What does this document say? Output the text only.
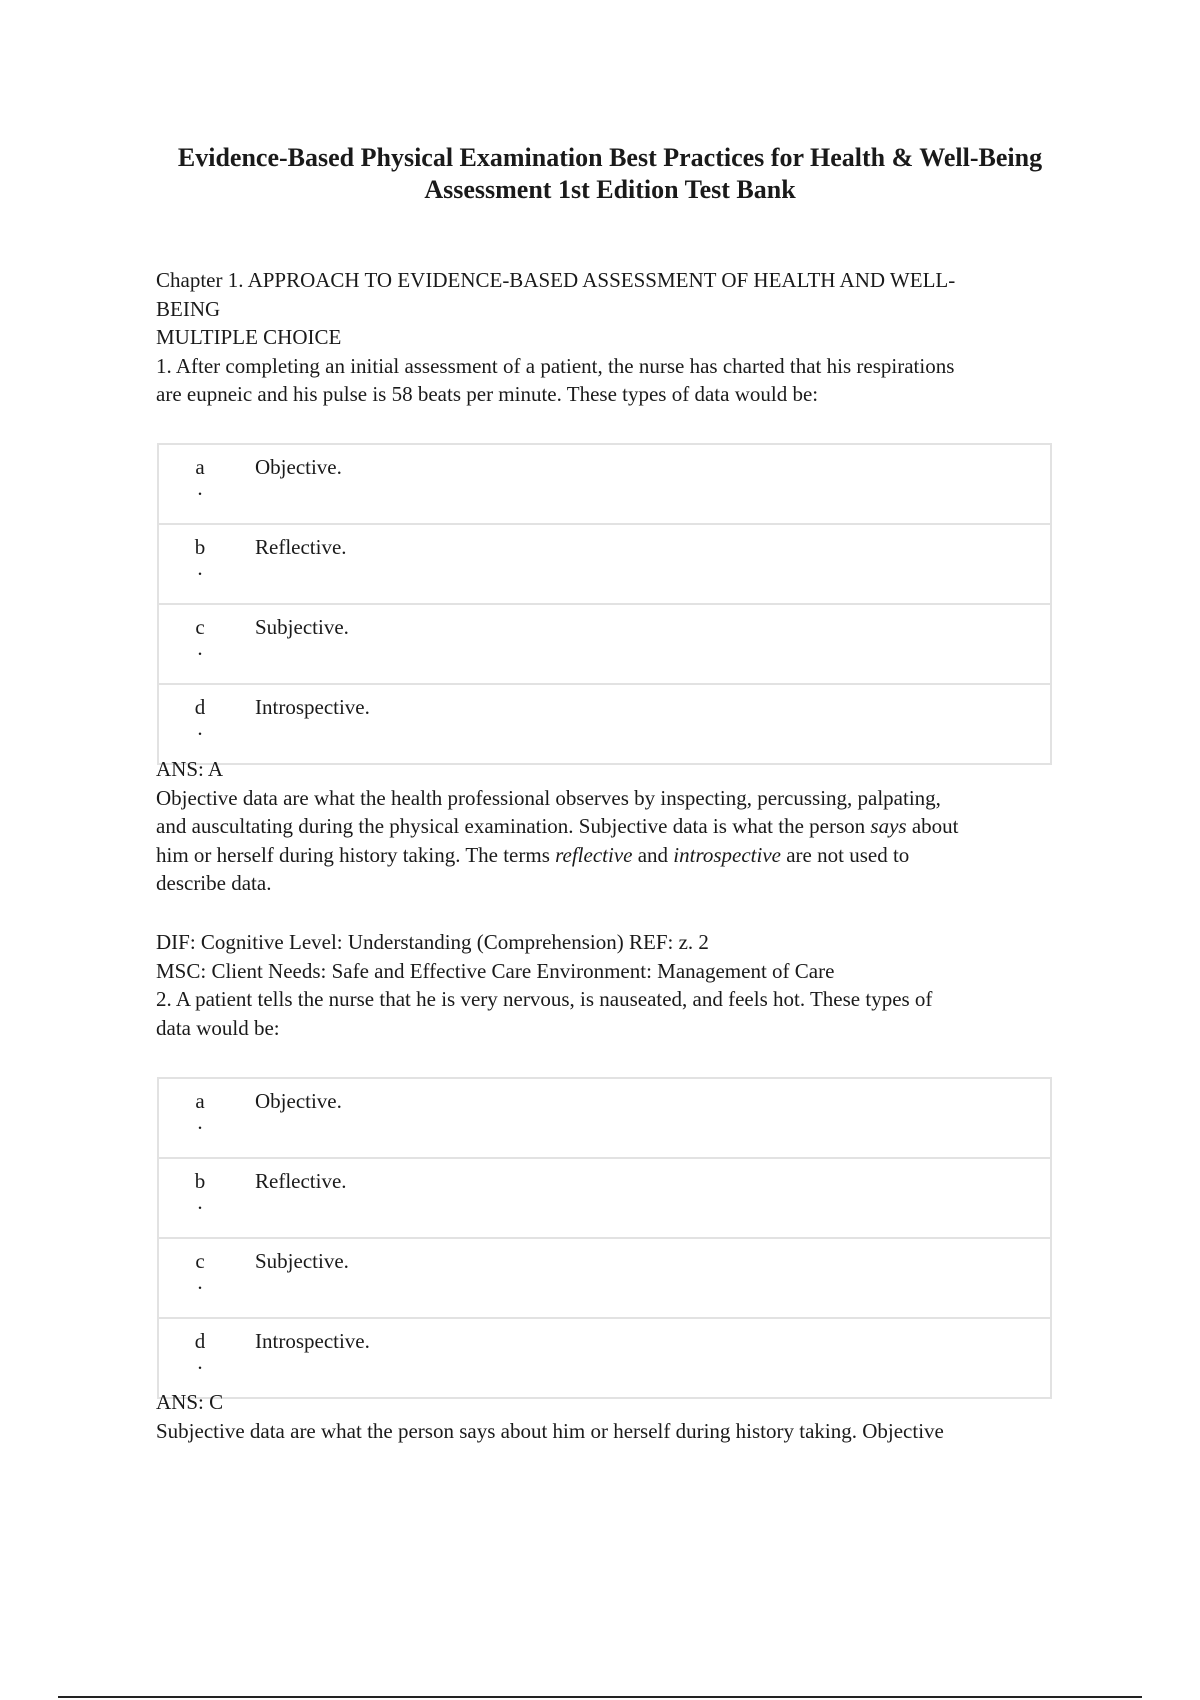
Evidence-Based Physical Examination Best Practices for Health & Well-Being
Assessment 1st Edition Test Bank
Chapter 1. APPROACH TO EVIDENCE-BASED ASSESSMENT OF HEALTH AND WELL-
BEING
MULTIPLE CHOICE
1. After completing an initial assessment of a patient, the nurse has charted that his respirations
are eupneic and his pulse is 58 beats per minute. These types of data would be:
a
.	Objective.
b
.	Reflective.
c
.	Subjective.
d
.	Introspective.
ANS: A
Objective data are what the health professional observes by inspecting, percussing, palpating,
and auscultating during the physical examination. Subjective data is what the person says about
him or herself during history taking. The terms reflective and introspective are not used to
describe data.
DIF: Cognitive Level: Understanding (Comprehension) REF: z. 2
MSC: Client Needs: Safe and Effective Care Environment: Management of Care
2. A patient tells the nurse that he is very nervous, is nauseated, and feels hot. These types of
data would be:
a
.	Objective.
b
.	Reflective.
c
.	Subjective.
d
.	Introspective.
ANS: C
Subjective data are what the person says about him or herself during history taking. Objective
